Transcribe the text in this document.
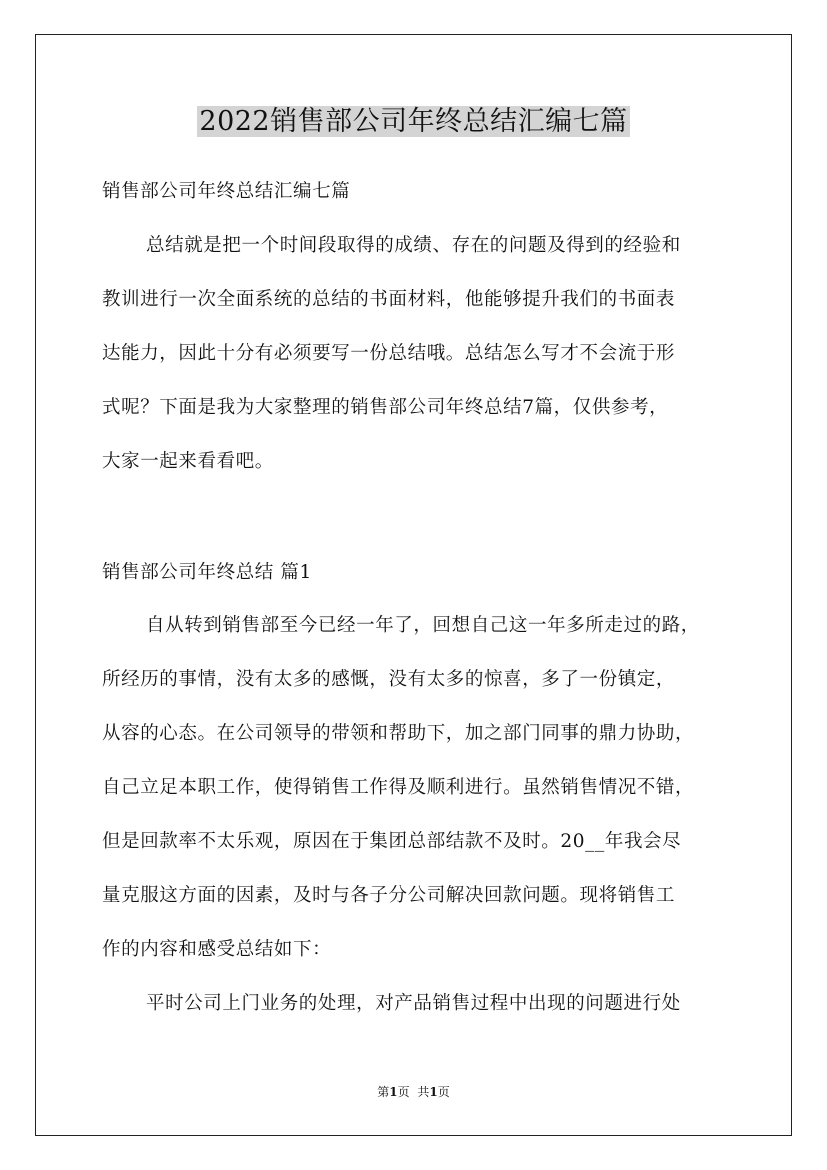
2022销售部公司年终总结汇编七篇
销售部公司年终总结汇编七篇
总结就是把一个时间段取得的成绩、存在的问题及得到的经验和
教训进行一次全面系统的总结的书面材料，他能够提升我们的书面表
达能力，因此十分有必须要写一份总结哦。总结怎么写才不会流于形
式呢？下面是我为大家整理的销售部公司年终总结7篇，仅供参考，
大家一起来看看吧。
销售部公司年终总结 篇1
自从转到销售部至今已经一年了，回想自己这一年多所走过的路，
所经历的事情，没有太多的感慨，没有太多的惊喜，多了一份镇定，
从容的心态。在公司领导的带领和帮助下，加之部门同事的鼎力协助，
自己立足本职工作，使得销售工作得及顺利进行。虽然销售情况不错，
但是回款率不太乐观，原因在于集团总部结款不及时。20__年我会尽
量克服这方面的因素，及时与各子分公司解决回款问题。现将销售工
作的内容和感受总结如下：
平时公司上门业务的处理，对产品销售过程中出现的问题进行处

第1页 共1页
